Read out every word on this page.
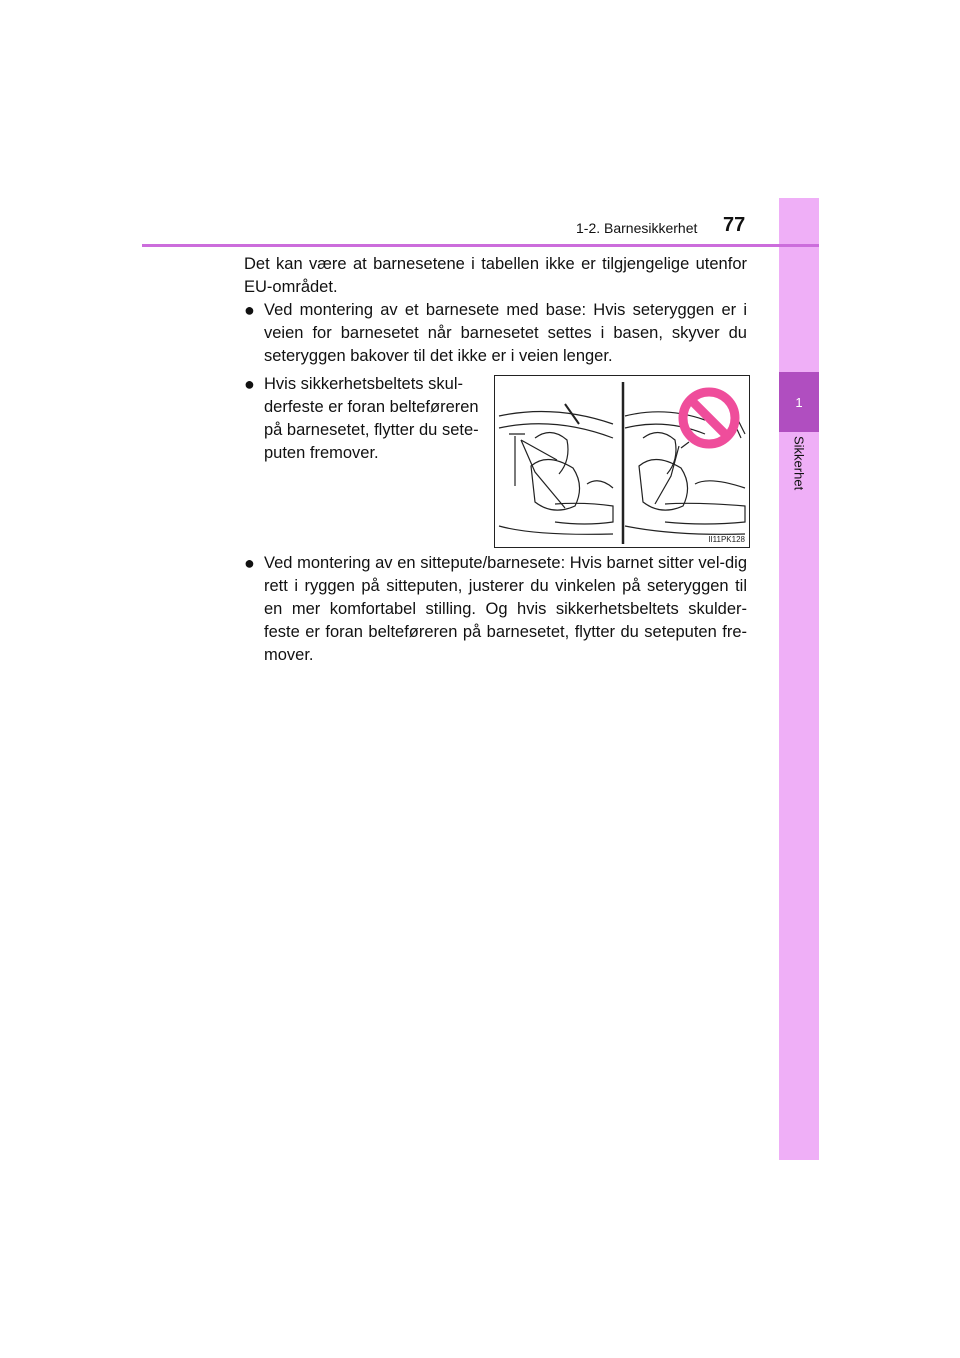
1
Sikkerhet
1-2. Barnesikkerhet 77

Det kan være at barnesetene i tabellen ikke er tilgjengelige utenfor EU-området.

● Ved montering av et barnesete med base: Hvis seteryggen er i veien for barnesetet når barnesetet settes i basen, skyver du seteryggen bakover til det ikke er i veien lenger.
● Hvis sikkerhetsbeltets skul-derfeste er foran belteføreren på barnesetet, flytter du sete-puten fremover.
II11PK128
● Ved montering av en sittepute/barnesete: Hvis barnet sitter vel-dig rett i ryggen på sitteputen, justerer du vinkelen på seteryggen til en mer komfortabel stilling. Og hvis sikkerhetsbeltets skulder-feste er foran belteføreren på barnesetet, flytter du seteputen fre-mover.
